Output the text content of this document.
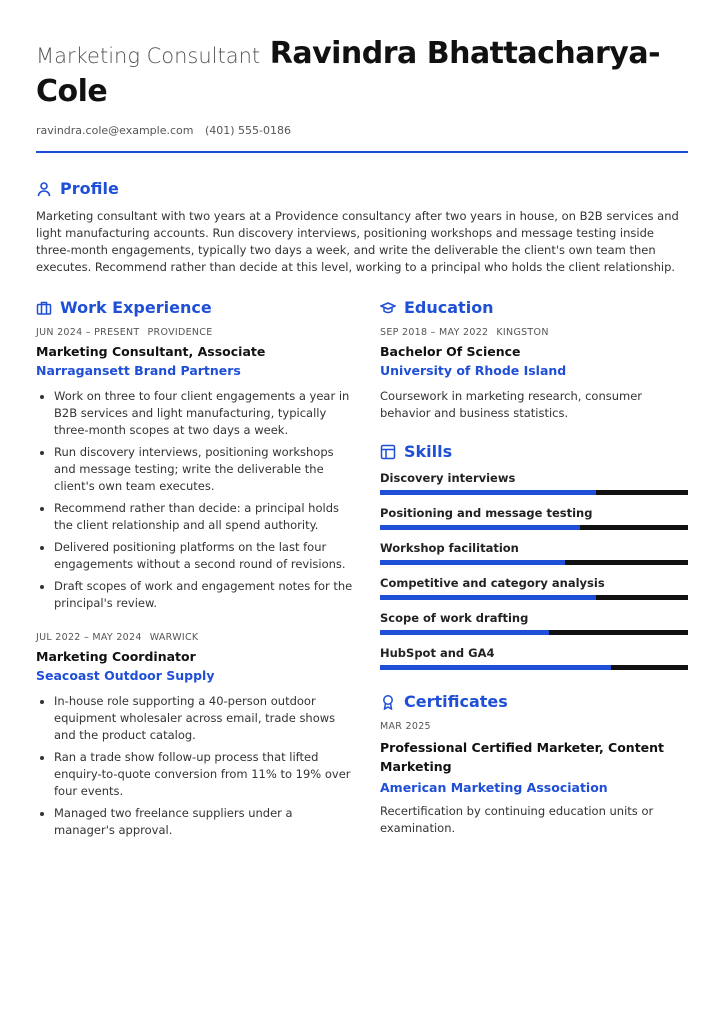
Marketing Consultant Ravindra Bhattacharya-Cole
ravindra.cole@example.com (401) 555-0186
Profile

Marketing consultant with two years at a Providence consultancy after two years in house, on B2B services and light manufacturing accounts. Run discovery interviews, positioning workshops and message testing inside three-month engagements, typically two days a week, and write the deliverable the client's own team then executes. Recommend rather than decide at this level, working to a principal who holds the client relationship.

Work Experience
JUN 2024 – PRESENT PROVIDENCE
Marketing Consultant, Associate
Narragansett Brand Partners
• Work on three to four client engagements a year in B2B services and light manufacturing, typically three-month scopes at two days a week.
• Run discovery interviews, positioning workshops and message testing; write the deliverable the client's own team executes.
• Recommend rather than decide: a principal holds the client relationship and all spend authority.
• Delivered positioning platforms on the last four engagements without a second round of revisions.
• Draft scopes of work and engagement notes for the principal's review.
JUL 2022 – MAY 2024 WARWICK
Marketing Coordinator
Seacoast Outdoor Supply
• In-house role supporting a 40-person outdoor equipment wholesaler across email, trade shows and the product catalog.
• Ran a trade show follow-up process that lifted enquiry-to-quote conversion from 11% to 19% over four events.
• Managed two freelance suppliers under a manager's approval.
Education
SEP 2018 – MAY 2022 KINGSTON
Bachelor Of Science
University of Rhode Island
Coursework in marketing research, consumer behavior and business statistics.
Skills
Discovery interviews
Positioning and message testing
Workshop facilitation
Competitive and category analysis
Scope of work drafting
HubSpot and GA4
Certificates
MAR 2025
Professional Certified Marketer, Content Marketing
American Marketing Association
Recertification by continuing education units or examination.
